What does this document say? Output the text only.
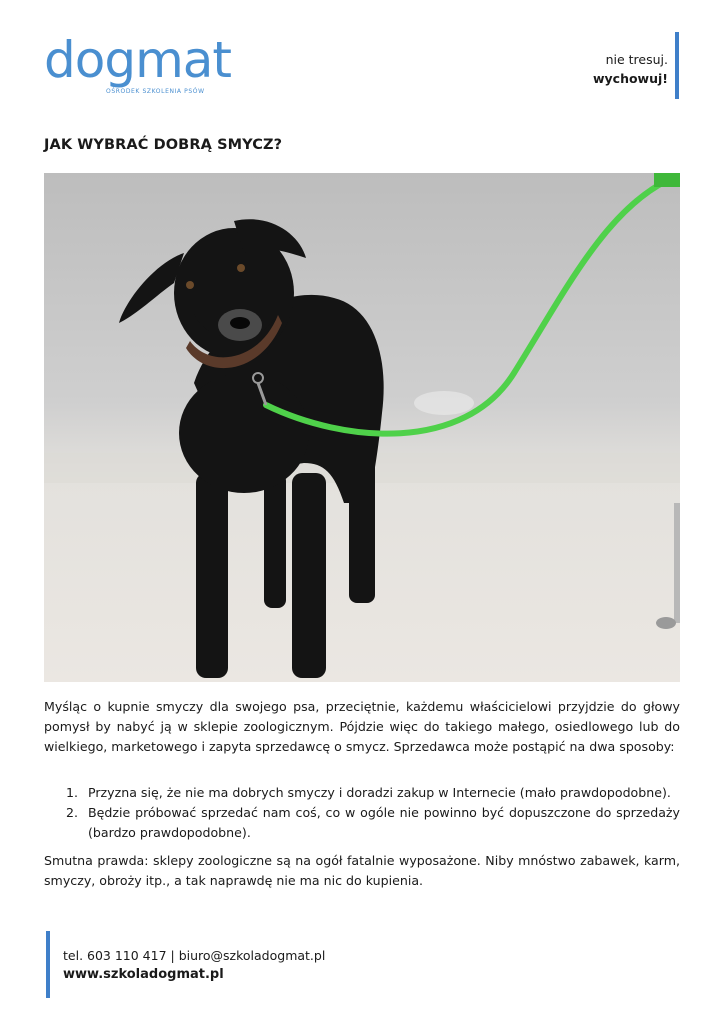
dogmat
OŚRODEK SZKOLENIA PSÓW
nie tresuj.
wychowuj!
JAK WYBRAĆ DOBRĄ SMYCZ?

Myśląc o kupnie smyczy dla swojego psa, przeciętnie, każdemu właścicielowi przyjdzie do głowy pomysł by nabyć ją w sklepie zoologicznym. Pójdzie więc do takiego małego, osiedlowego lub do wielkiego, marketowego i zapyta sprzedawcę o smycz. Sprzedawca może postąpić na dwa sposoby:

1. Przyzna się, że nie ma dobrych smyczy i doradzi zakup w Internecie (mało prawdopodobne).
2. Będzie próbować sprzedać nam coś, co w ogóle nie powinno być dopuszczone do sprzedaży (bardzo prawdopodobne).

Smutna prawda: sklepy zoologiczne są na ogół fatalnie wyposażone. Niby mnóstwo zabawek, karm, smyczy, obroży itp., a tak naprawdę nie ma nic do kupienia.

tel. 603 110 417 | biuro@szkoladogmat.pl
www.szkoladogmat.pl
